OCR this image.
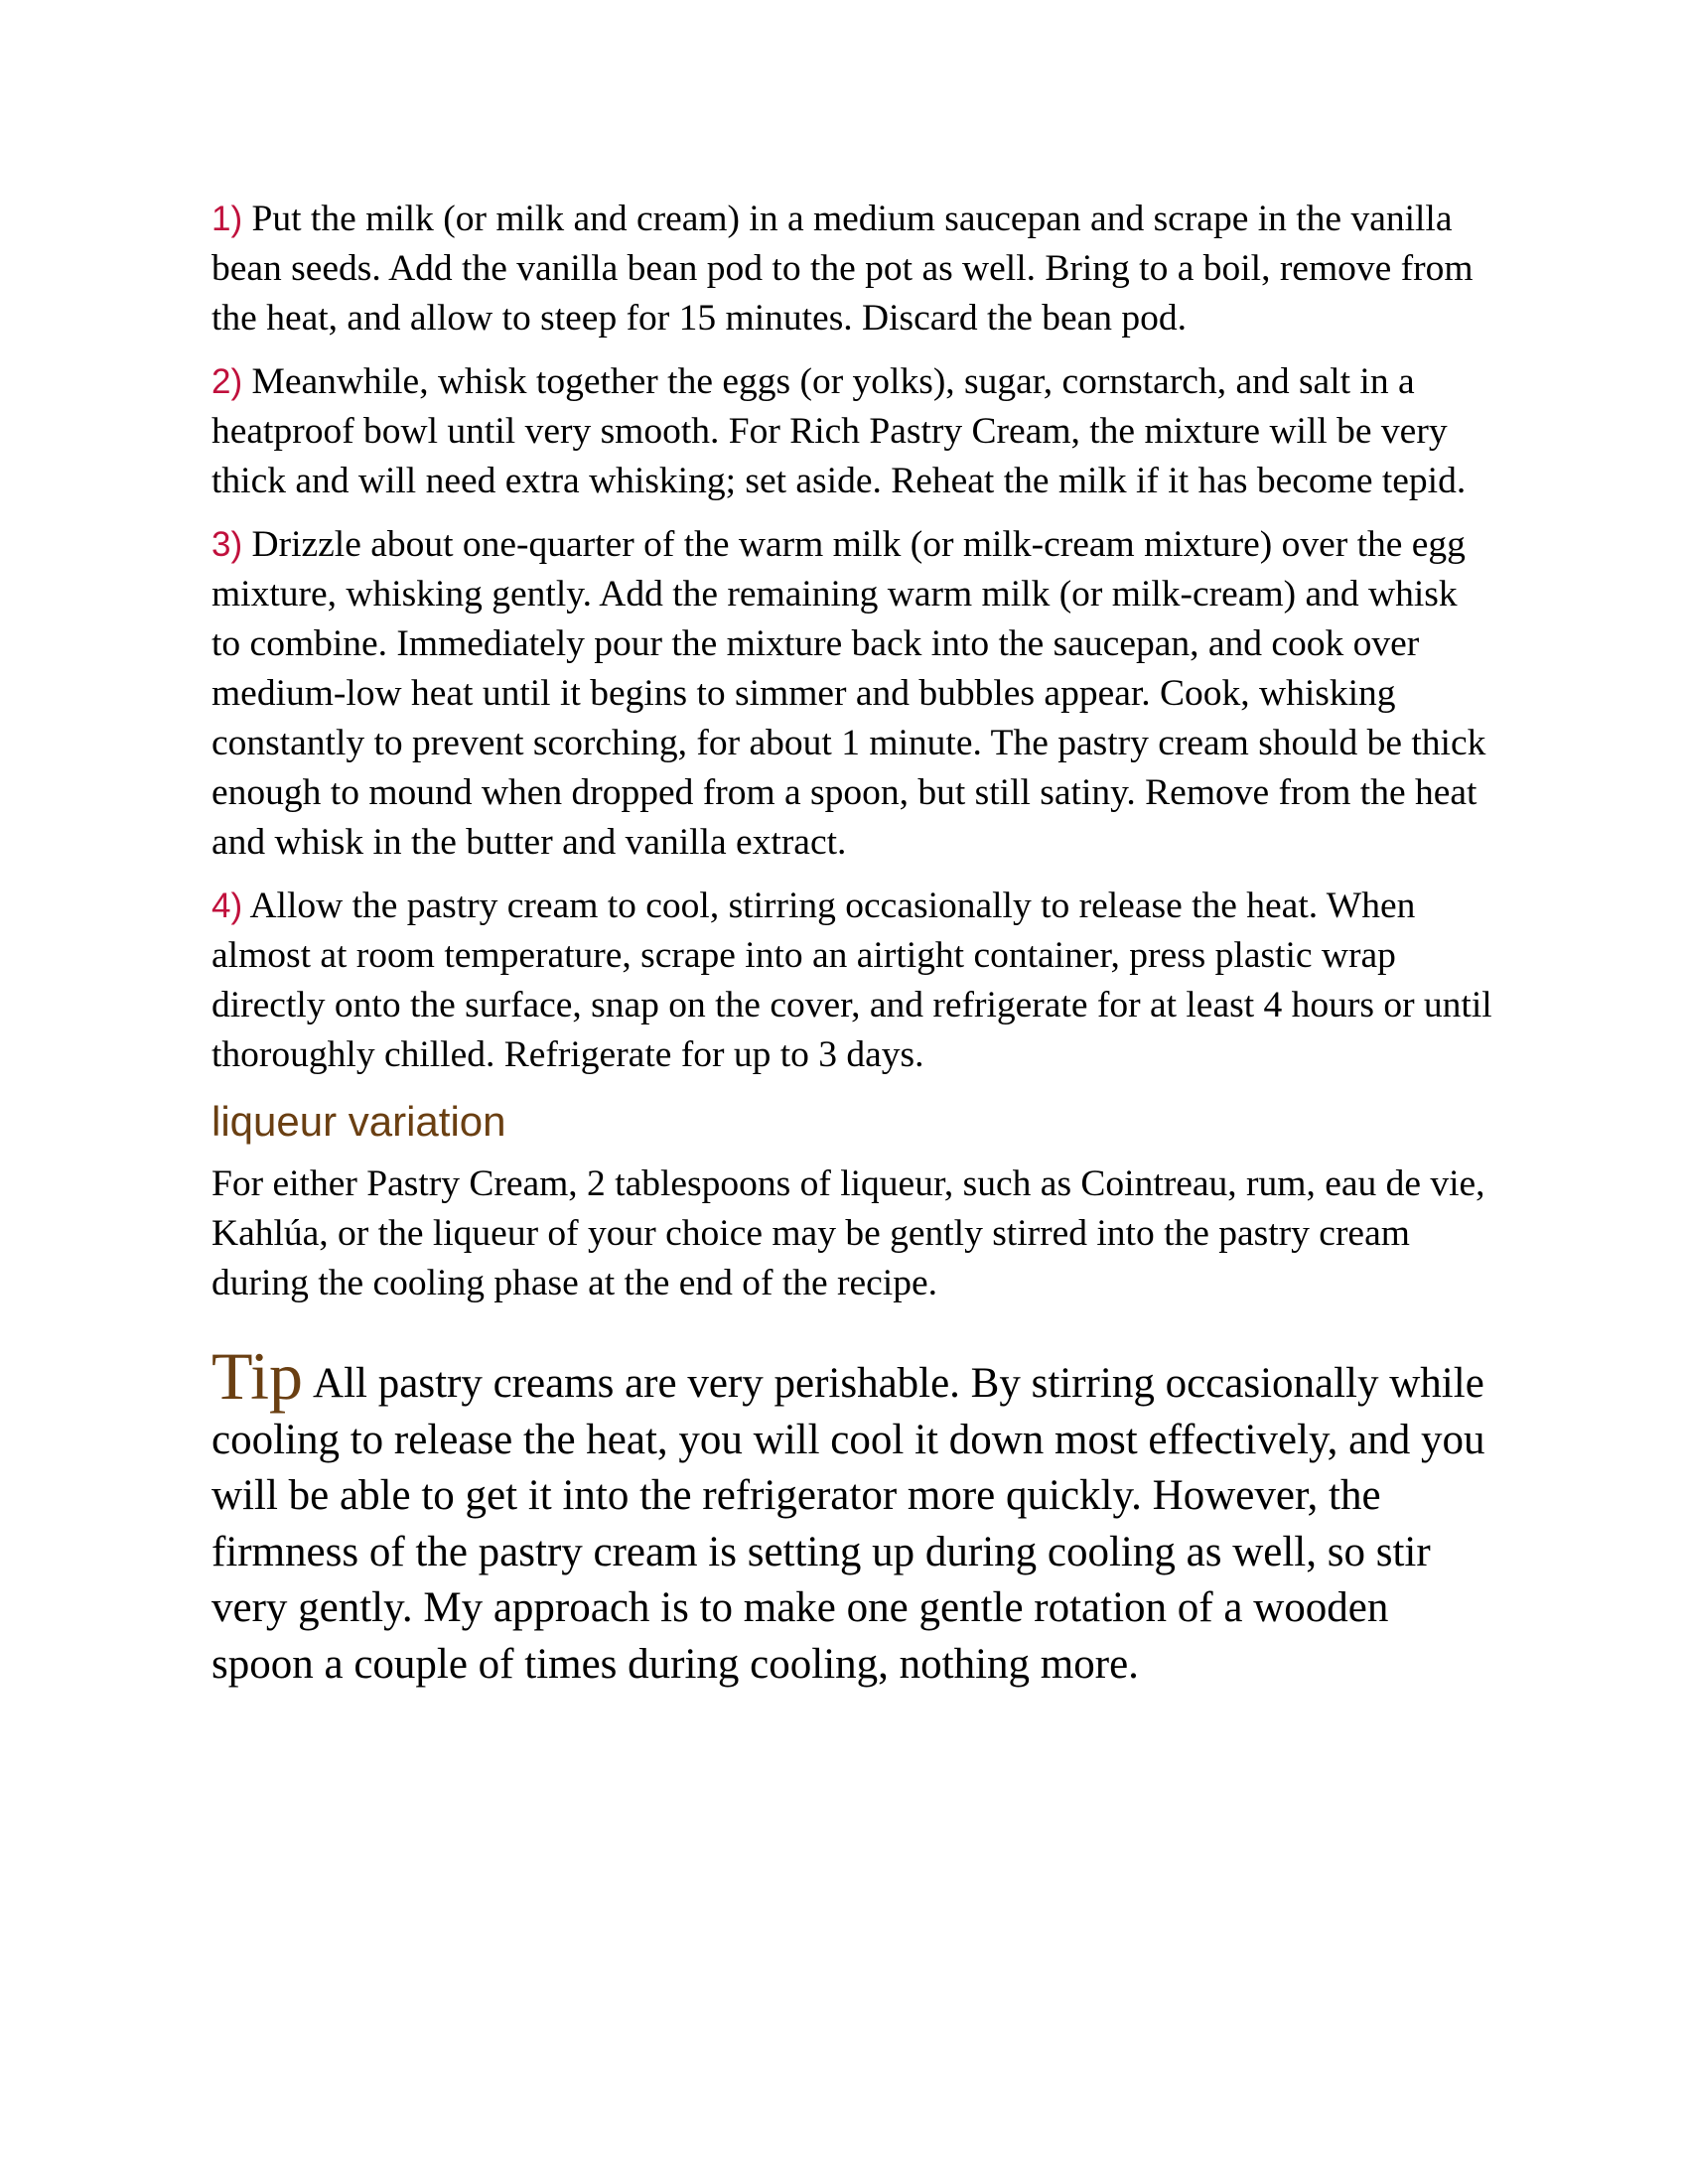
1) Put the milk (or milk and cream) in a medium saucepan and scrape in the vanilla bean seeds. Add the vanilla bean pod to the pot as well. Bring to a boil, remove from the heat, and allow to steep for 15 minutes. Discard the bean pod.

2) Meanwhile, whisk together the eggs (or yolks), sugar, cornstarch, and salt in a heatproof bowl until very smooth. For Rich Pastry Cream, the mixture will be very thick and will need extra whisking; set aside. Reheat the milk if it has become tepid.

3) Drizzle about one-quarter of the warm milk (or milk-cream mixture) over the egg mixture, whisking gently. Add the remaining warm milk (or milk-cream) and whisk to combine. Immediately pour the mixture back into the saucepan, and cook over medium-low heat until it begins to simmer and bubbles appear. Cook, whisking constantly to prevent scorching, for about 1 minute. The pastry cream should be thick enough to mound when dropped from a spoon, but still satiny. Remove from the heat and whisk in the butter and vanilla extract.

4) Allow the pastry cream to cool, stirring occasionally to release the heat. When almost at room temperature, scrape into an airtight container, press plastic wrap directly onto the surface, snap on the cover, and refrigerate for at least 4 hours or until thoroughly chilled. Refrigerate for up to 3 days.

liqueur variation

For either Pastry Cream, 2 tablespoons of liqueur, such as Cointreau, rum, eau de vie, Kahlúa, or the liqueur of your choice may be gently stirred into the pastry cream during the cooling phase at the end of the recipe.

Tip All pastry creams are very perishable. By stirring occasionally while cooling to release the heat, you will cool it down most effectively, and you will be able to get it into the refrigerator more quickly. However, the firmness of the pastry cream is setting up during cooling as well, so stir very gently. My approach is to make one gentle rotation of a wooden spoon a couple of times during cooling, nothing more.
